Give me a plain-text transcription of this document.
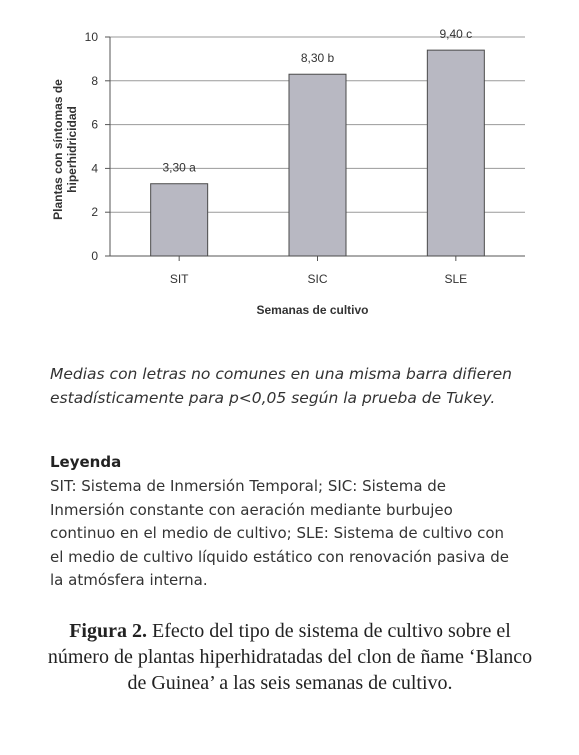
0
2
4
6
8
10
SIT
3,30 a
SIC
8,30 b
SLE
9,40 c
Semanas de cultivo
Plantas con síntomas dehiperhidricidad
Medias con letras no comunes en una misma barra difieren estadísticamente para p<0,05 según la prueba de Tukey.
Leyenda
SIT: Sistema de Inmersión Temporal; SIC: Sistema de Inmersión constante con aeración mediante burbujeo continuo en el medio de cultivo; SLE: Sistema de cultivo con el medio de cultivo líquido estático con renovación pasiva de la atmósfera interna.
Figura 2. Efecto del tipo de sistema de cultivo sobre el número de plantas hiperhidratadas del clon de ñame ‘Blanco de Guinea’ a las seis semanas de cultivo.
